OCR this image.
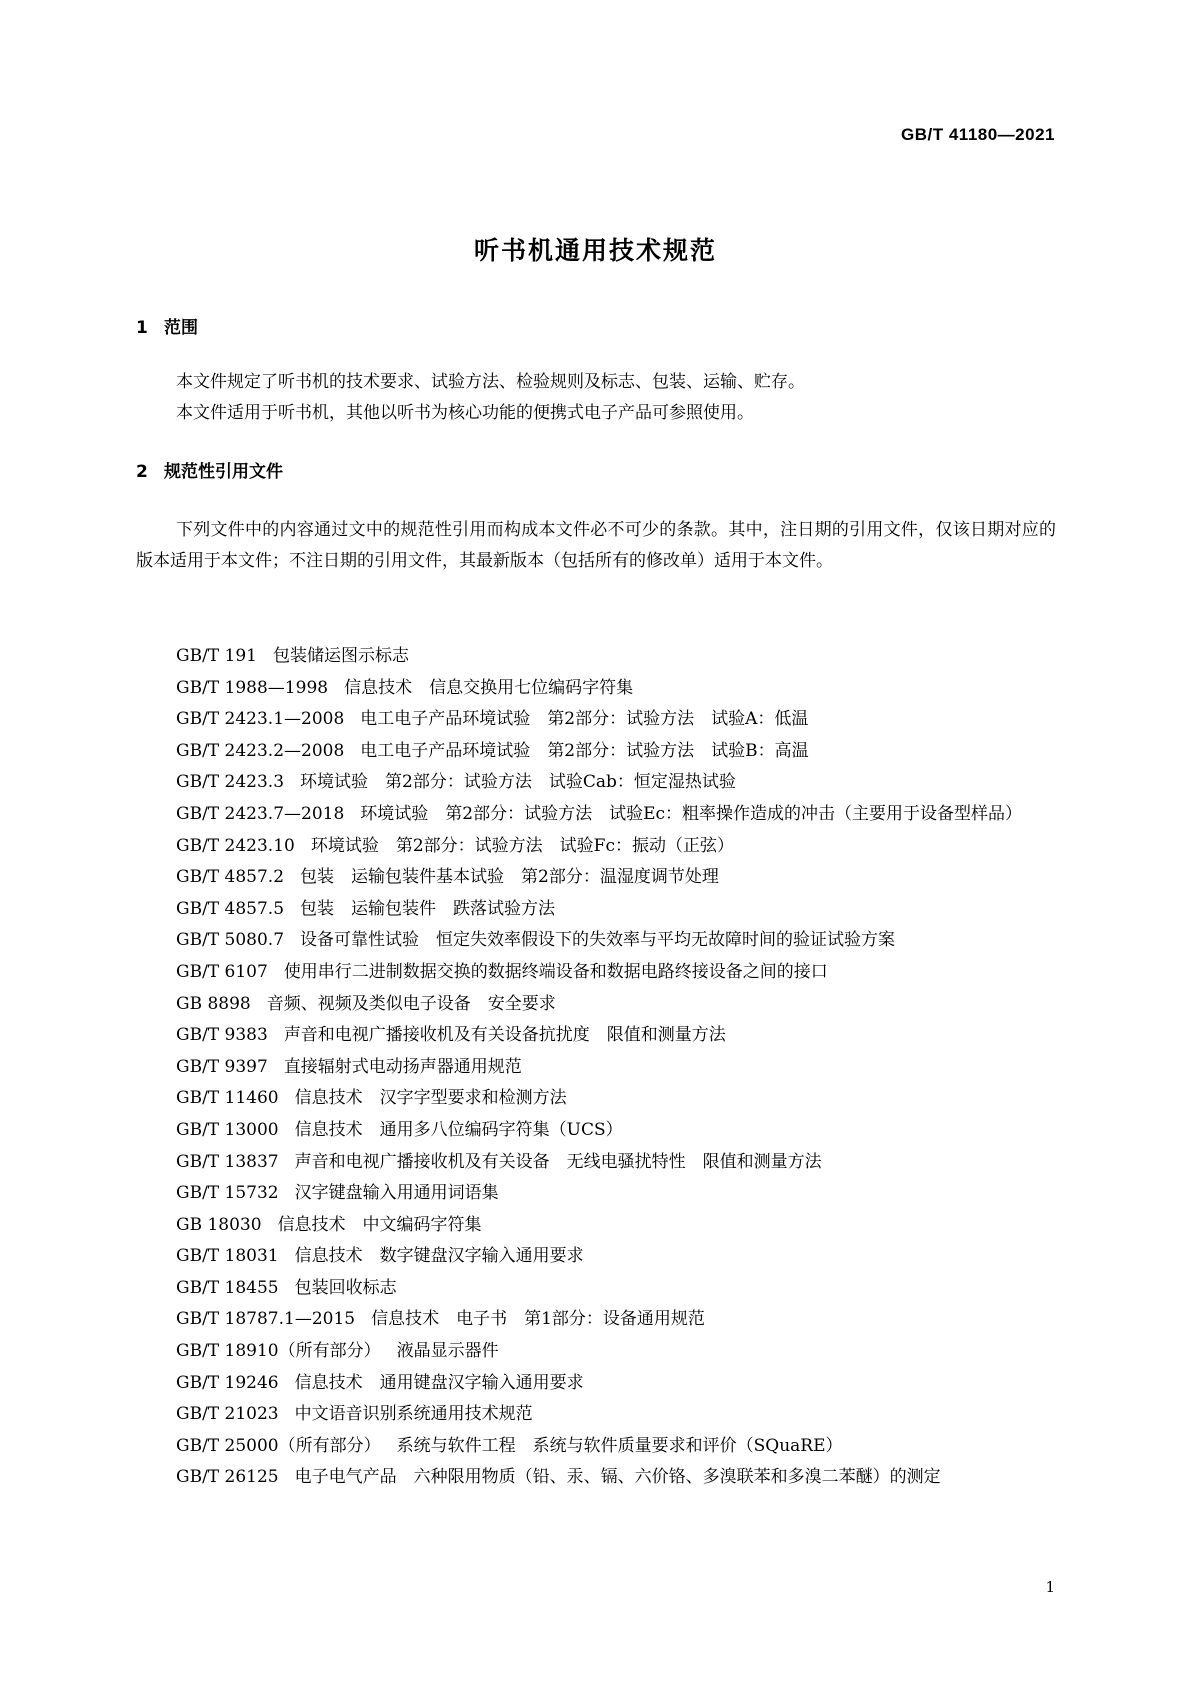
GB/T 41180—2021
听书机通用技术规范
1 范围

本文件规定了听书机的技术要求、试验方法、检验规则及标志、包装、运输、贮存。

本文件适用于听书机，其他以听书为核心功能的便携式电子产品可参照使用。

2 规范性引用文件

下列文件中的内容通过文中的规范性引用而构成本文件必不可少的条款。其中，注日期的引用文件，仅该日期对应的版本适用于本文件；不注日期的引用文件，其最新版本（包括所有的修改单）适用于本文件。

GB/T 191 包装储运图示标志
GB/T 1988—1998 信息技术　信息交换用七位编码字符集
GB/T 2423.1—2008 电工电子产品环境试验　第2部分：试验方法　试验A：低温
GB/T 2423.2—2008 电工电子产品环境试验　第2部分：试验方法　试验B：高温
GB/T 2423.3 环境试验　第2部分：试验方法　试验Cab：恒定湿热试验
GB/T 2423.7—2018 环境试验　第2部分：试验方法　试验Ec：粗率操作造成的冲击（主要用于设备型样品）
GB/T 2423.10 环境试验　第2部分：试验方法　试验Fc：振动（正弦）
GB/T 4857.2 包装　运输包装件基本试验　第2部分：温湿度调节处理
GB/T 4857.5 包装　运输包装件　跌落试验方法
GB/T 5080.7 设备可靠性试验　恒定失效率假设下的失效率与平均无故障时间的验证试验方案
GB/T 6107 使用串行二进制数据交换的数据终端设备和数据电路终接设备之间的接口
GB 8898 音频、视频及类似电子设备　安全要求
GB/T 9383 声音和电视广播接收机及有关设备抗扰度　限值和测量方法
GB/T 9397 直接辐射式电动扬声器通用规范
GB/T 11460 信息技术　汉字字型要求和检测方法
GB/T 13000 信息技术　通用多八位编码字符集（UCS）
GB/T 13837 声音和电视广播接收机及有关设备　无线电骚扰特性　限值和测量方法
GB/T 15732 汉字键盘输入用通用词语集
GB 18030 信息技术　中文编码字符集
GB/T 18031 信息技术　数字键盘汉字输入通用要求
GB/T 18455 包装回收标志
GB/T 18787.1—2015 信息技术　电子书　第1部分：设备通用规范
GB/T 18910（所有部分） 液晶显示器件
GB/T 19246 信息技术　通用键盘汉字输入通用要求
GB/T 21023 中文语音识别系统通用技术规范
GB/T 25000（所有部分） 系统与软件工程　系统与软件质量要求和评价（SQuaRE）
GB/T 26125 电子电气产品　六种限用物质（铅、汞、镉、六价铬、多溴联苯和多溴二苯醚）的测定
1
